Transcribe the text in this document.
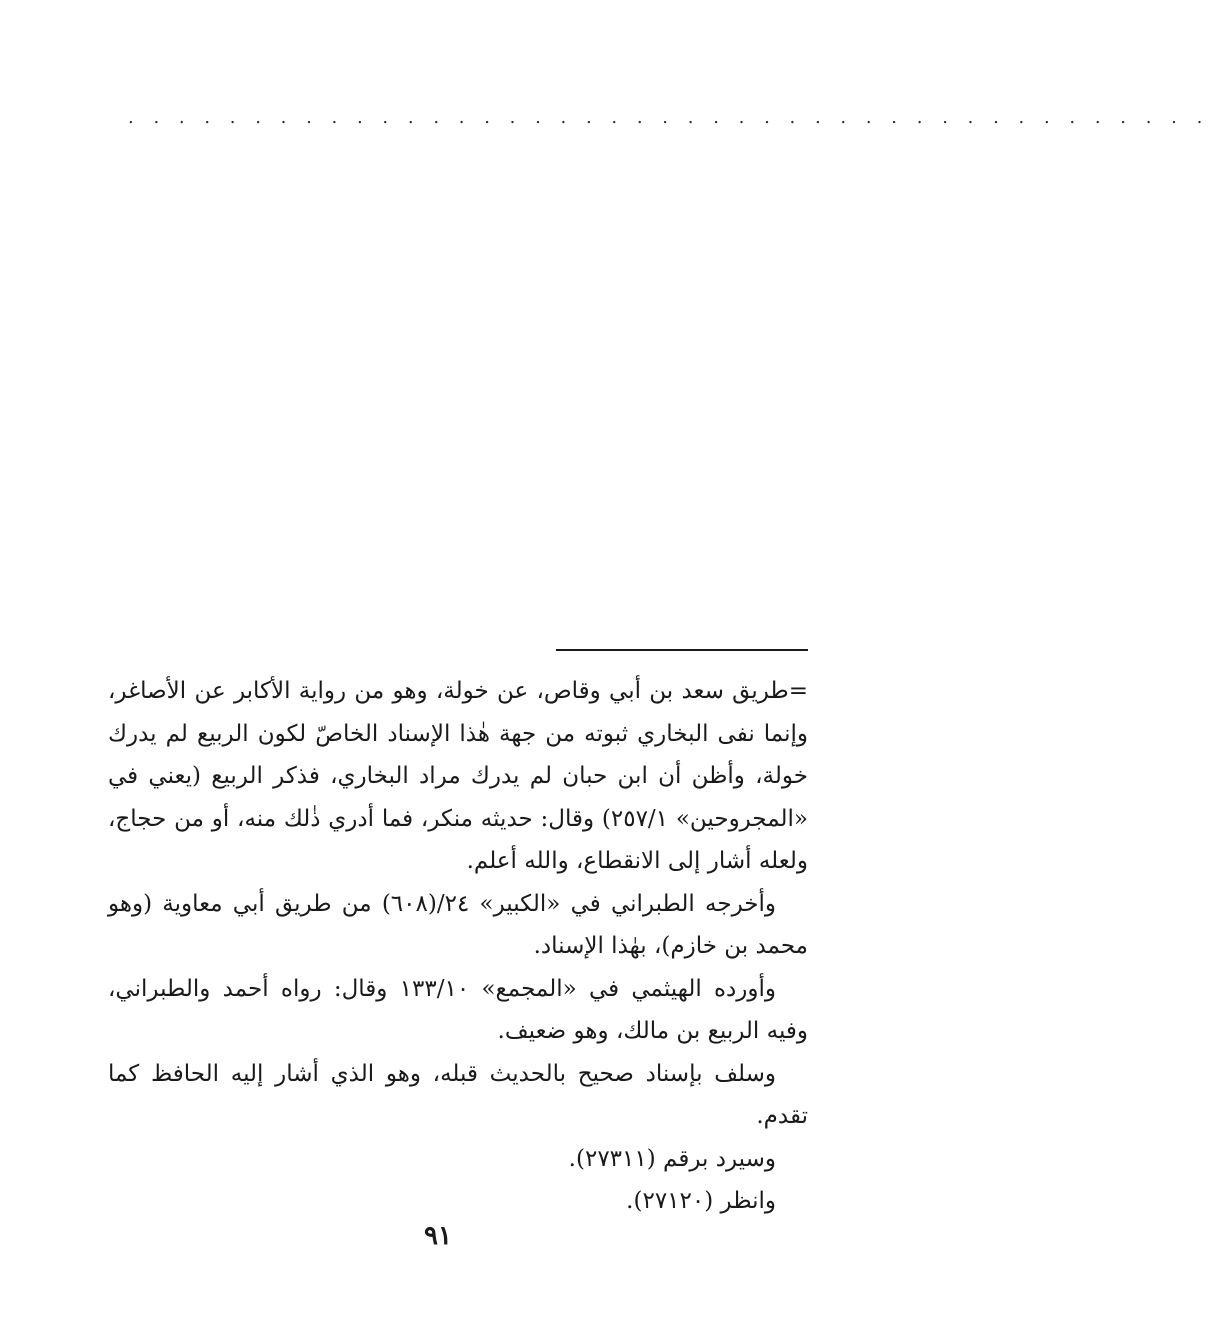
. . . . . . . . . . . . . . . . . . . . . . . . . . . . . . . . . . . . . . . . . . .

=طريق سعد بن أبي وقاص، عن خولة، وهو من رواية الأكابر عن الأصاغر، وإنما نفى البخاري ثبوته من جهة هٰذا الإسناد الخاصّ لكون الربيع لم يدرك خولة، وأظن أن ابن حبان لم يدرك مراد البخاري، فذكر الربيع (يعني في «المجروحين» ٢٥٧/١) وقال: حديثه منكر، فما أدري ذٰلك منه، أو من حجاج، ولعله أشار إلى الانقطاع، والله أعلم.

وأخرجه الطبراني في «الكبير» ٢٤/(٦٠٨) من طريق أبي معاوية (وهو محمد بن خازم)، بهٰذا الإسناد.

وأورده الهيثمي في «المجمع» ١٣٣/١٠ وقال: رواه أحمد والطبراني، وفيه الربيع بن مالك، وهو ضعيف.

وسلف بإسناد صحيح بالحديث قبله، وهو الذي أشار إليه الحافظ كما تقدم.

وسيرد برقم (٢٧٣١١).

وانظر (٢٧١٢٠).

٩١
